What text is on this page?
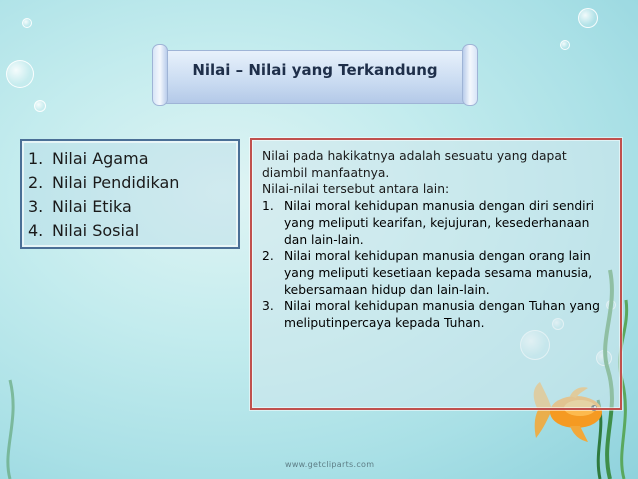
Nilai – Nilai yang Terkandung
1. Nilai Agama
2. Nilai Pendidikan
3. Nilai Etika
4. Nilai Sosial

Nilai pada hakikatnya adalah sesuatu yang dapat diambil manfaatnya.

Nilai-nilai tersebut antara lain:

1. Nilai moral kehidupan manusia dengan diri sendiri yang meliputi kearifan, kejujuran, kesederhanaan dan lain-lain.
2. Nilai moral kehidupan manusia dengan orang lain yang meliputi kesetiaan kepada sesama manusia, kebersamaan hidup dan lain-lain.
3. Nilai moral kehidupan manusia dengan Tuhan yang meliputinpercaya kepada Tuhan.
www.getcliparts.com
